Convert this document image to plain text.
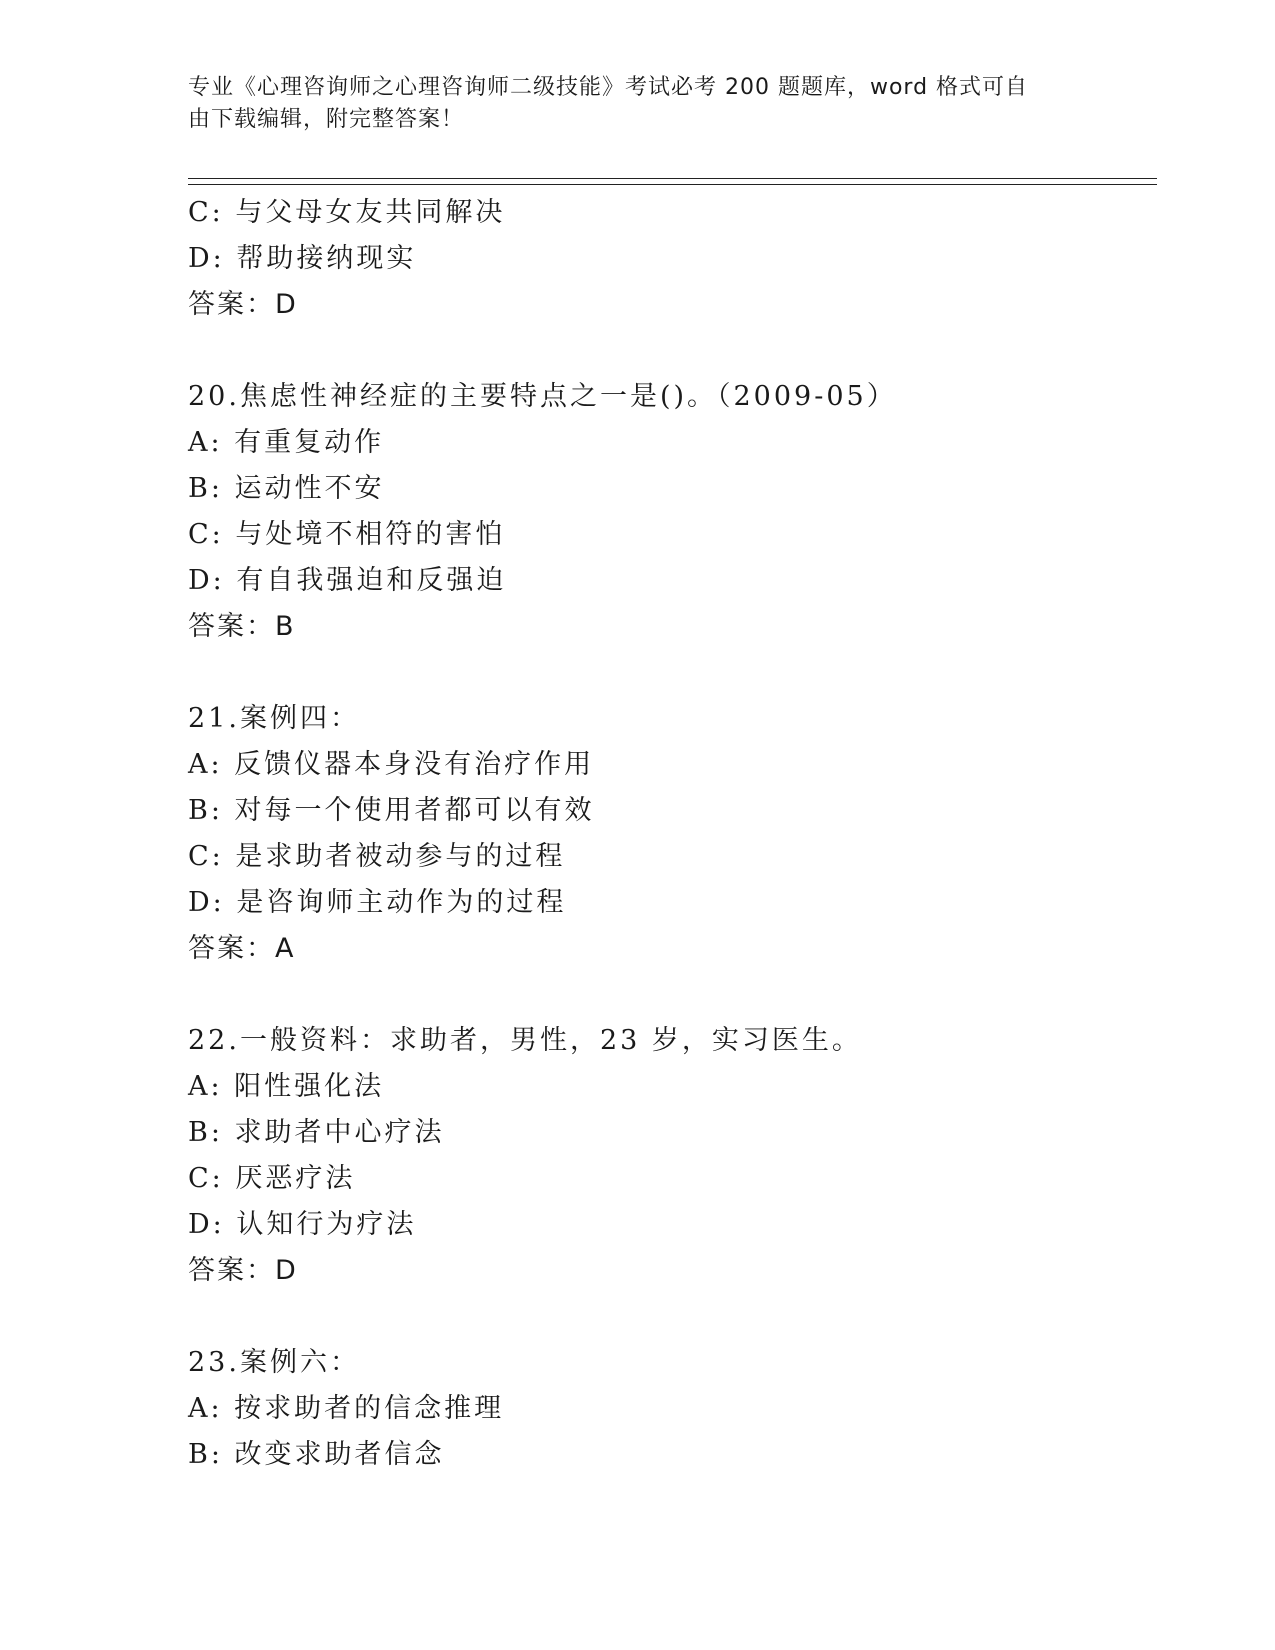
专业《心理咨询师之心理咨询师二级技能》考试必考 200 题题库，word 格式可自
由下载编辑，附完整答案！
C: 与父母女友共同解决
D: 帮助接纳现实
答案：D
20.焦虑性神经症的主要特点之一是()。（2009-05）
A: 有重复动作
B: 运动性不安
C: 与处境不相符的害怕
D: 有自我强迫和反强迫
答案：B
21.案例四：
A: 反馈仪器本身没有治疗作用
B: 对每一个使用者都可以有效
C: 是求助者被动参与的过程
D: 是咨询师主动作为的过程
答案：A
22.一般资料：求助者，男性，23 岁，实习医生。
A: 阳性强化法
B: 求助者中心疗法
C: 厌恶疗法
D: 认知行为疗法
答案：D
23.案例六：
A: 按求助者的信念推理
B: 改变求助者信念
